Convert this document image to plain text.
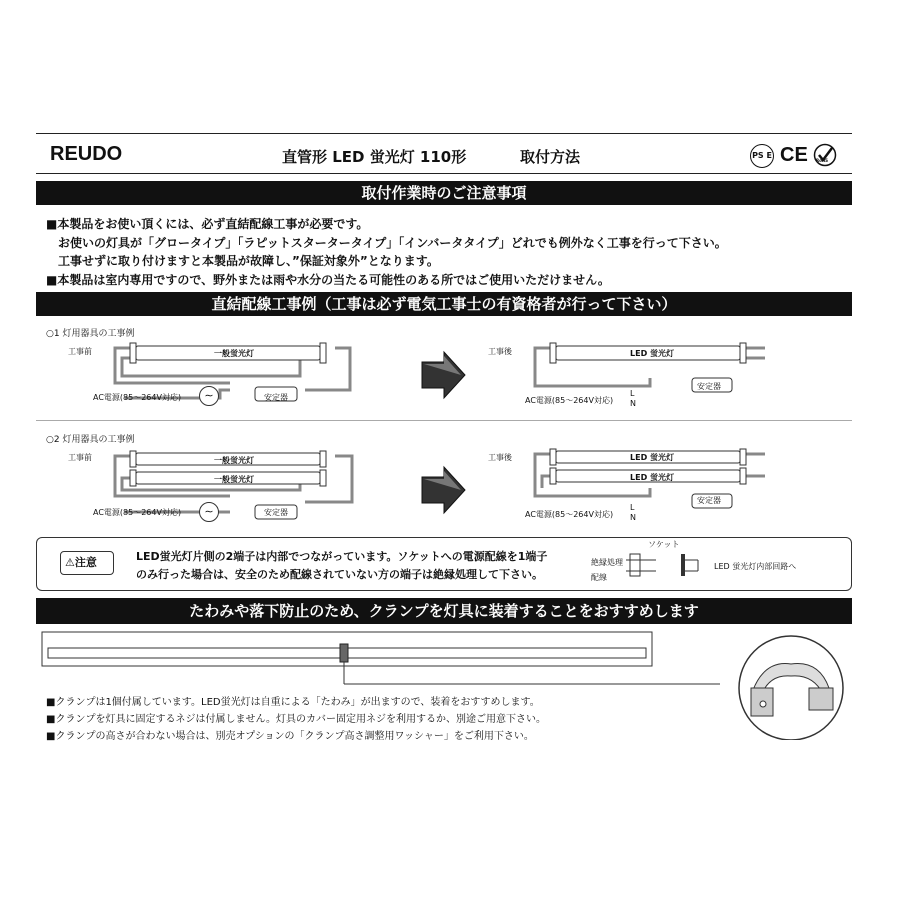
REUDO	直管形 LED 蛍光灯 110形	取付方法	PS E CE RoHS
取付作業時のご注意事項
■本製品をお使い頂くには、必ず直結配線工事が必要です。
お使いの灯具が「グロータイプ」「ラピットスタータータイプ」「インバータタイプ」どれでも例外なく工事を行って下さい。
工事せずに取り付けますと本製品が故障し、”保証対象外”となります。
■本製品は室内専用ですので、野外または雨や水分の当たる可能性のある所ではご使用いただけません。
直結配線工事例（工事は必ず電気工事士の有資格者が行って下さい）
○1 灯用器具の工事例
工事前	一般蛍光灯
AC電源(85～264V対応)	∼	安定器
工事後	LED 蛍光灯
安定器
AC電源(85～264V対応)
L
N
○2 灯用器具の工事例
工事前	一般蛍光灯
一般蛍光灯
AC電源(85～264V対応)	∼	安定器
工事後	LED 蛍光灯
LED 蛍光灯
安定器
AC電源(85～264V対応)
L
N
⚠注意	LED蛍光灯片側の2端子は内部でつながっています。ソケットへの電源配線を1端子
のみ行った場合は、安全のため配線されていない方の端子は絶縁処理して下さい。
ソケット
絶縁処理
配線
LED 蛍光灯内部回路へ
たわみや落下防止のため、クランプを灯具に装着することをおすすめします
■クランプは1個付属しています。LED蛍光灯は自重による「たわみ」が出ますので、装着をおすすめします。
■クランプを灯具に固定するネジは付属しません。灯具のカバー固定用ネジを利用するか、別途ご用意下さい。
■クランプの高さが合わない場合は、別売オプションの「クランプ高さ調整用ワッシャー」をご利用下さい。
